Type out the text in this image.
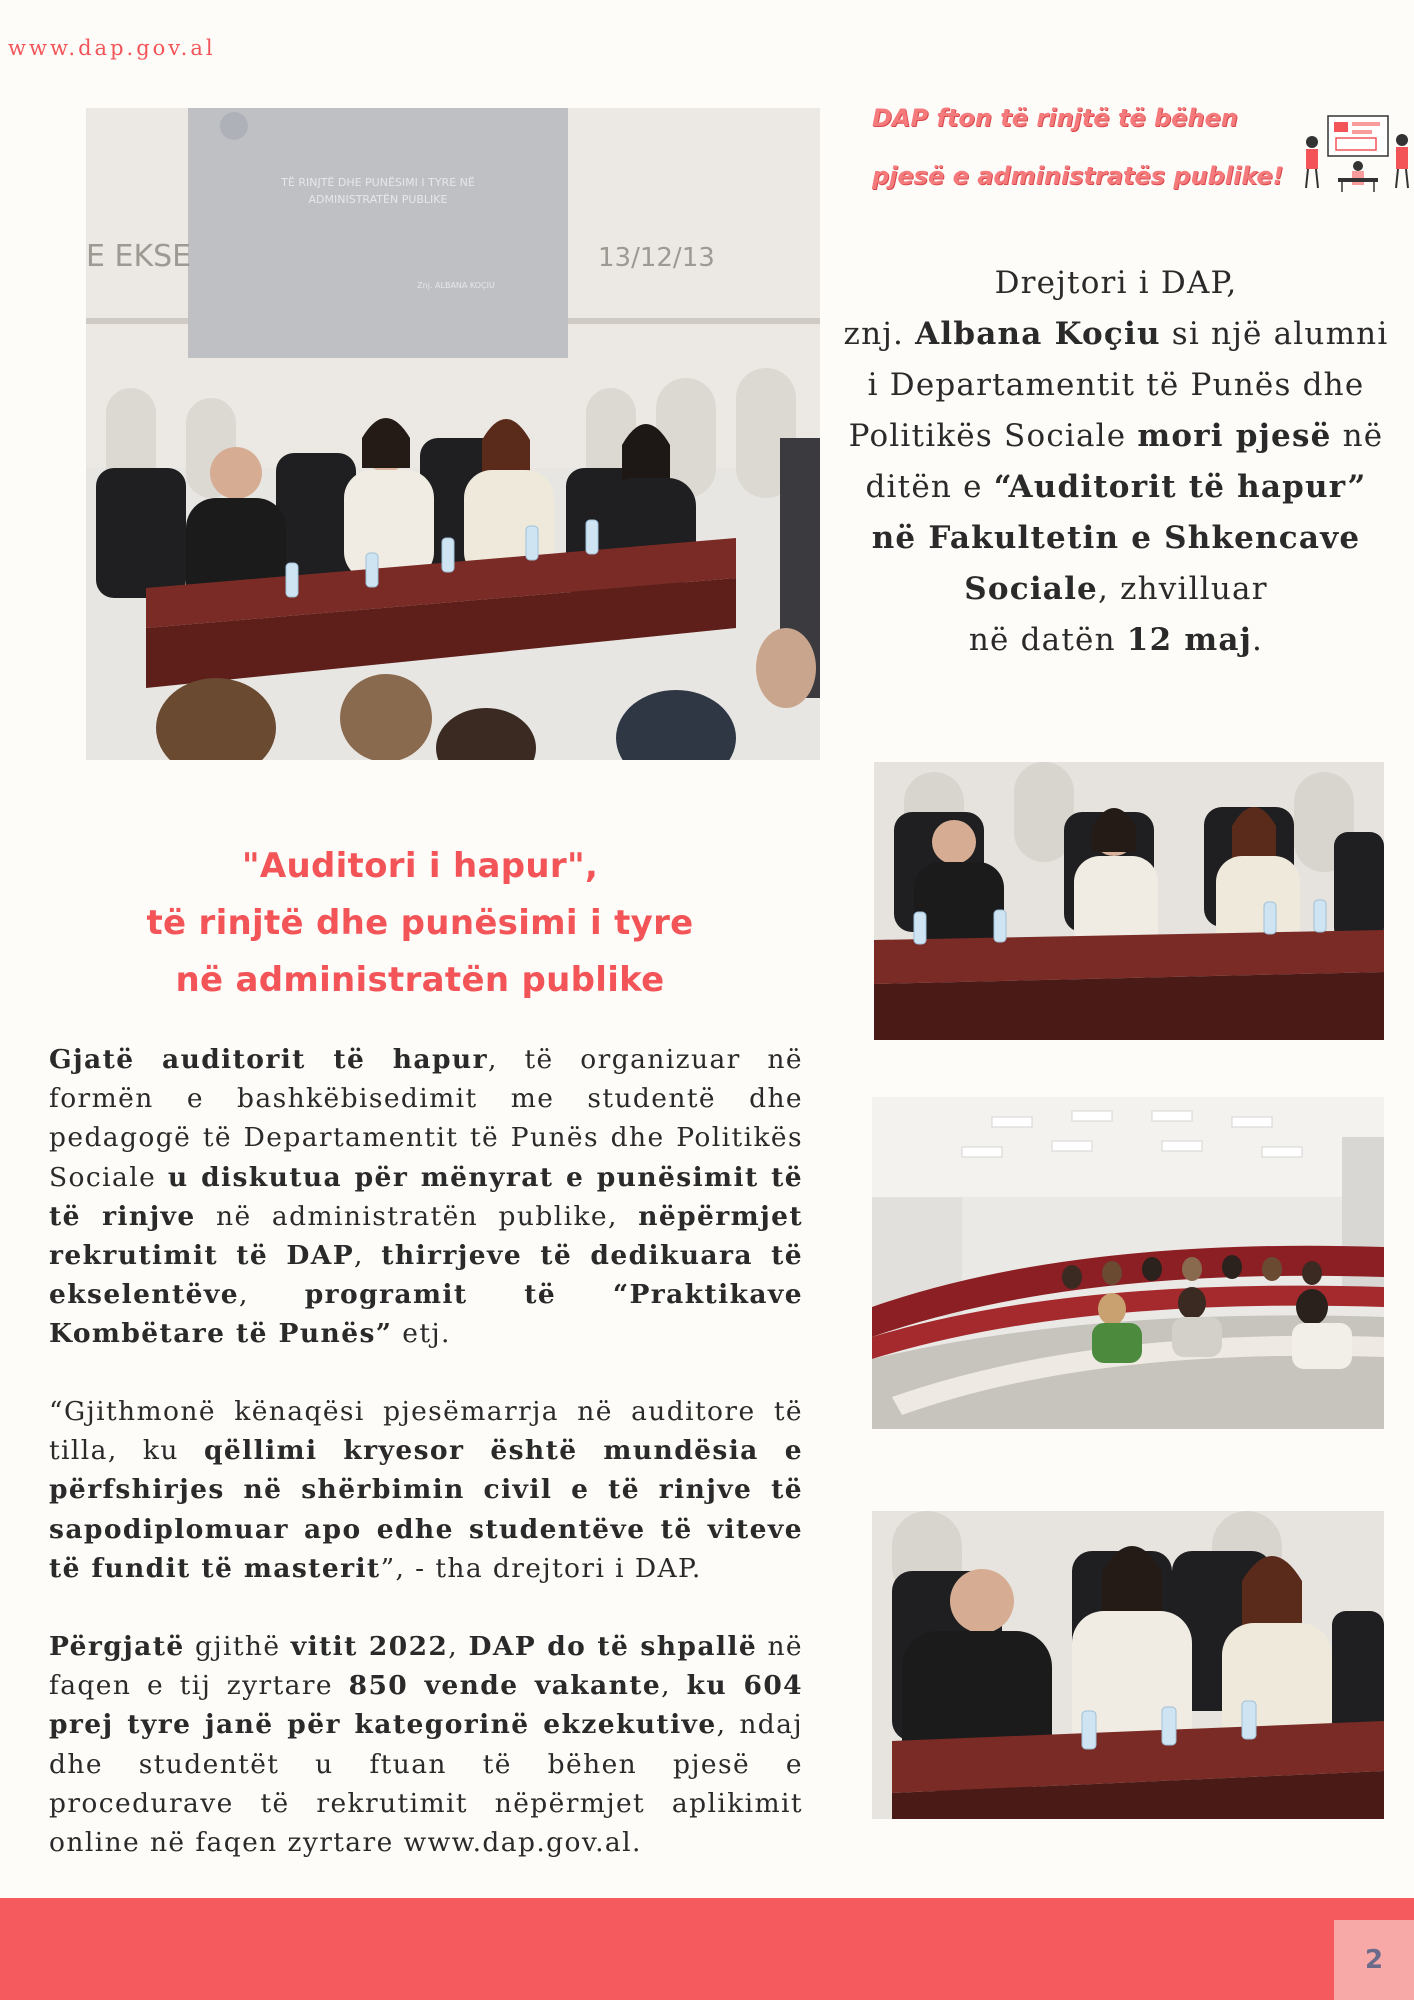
www.dap.gov.al
TË RINJTË DHE PUNËSIMI I TYRE NË
ADMINISTRATËN PUBLIKE
Znj. ALBANA KOÇIU
E EKSE	13/12/13
DAP fton të rinjtë të bëhen
pjesë e administratës publike!
Drejtori i DAP,
znj. Albana Koçiu si një alumni
i Departamentit të Punës dhe
Politikës Sociale mori pjesë në
ditën e “Auditorit të hapur”
në Fakultetin e Shkencave
Sociale, zhvilluar
në datën 12 maj.
"Auditori i hapur",
të rinjtë dhe punësimi i tyre
në administratën publike
Gjatë auditorit të hapur, të organizuar në formën e bashkëbisedimit me studentë dhe pedagogë të Departamentit të Punës dhe Politikës Sociale u diskutua për mënyrat e punësimit të të rinjve në administratën publike, nëpërmjet rekrutimit të DAP, thirrjeve të dedikuara të ekselentëve, programit të “Praktikave Kombëtare të Punës” etj.
“Gjithmonë kënaqësi pjesëmarrja në auditore të tilla, ku qëllimi kryesor është mundësia e përfshirjes në shërbimin civil e të rinjve të sapodiplomuar apo edhe studentëve të viteve të fundit të masterit”, - tha drejtori i DAP.
Përgjatë gjithë vitit 2022, DAP do të shpallë në faqen e tij zyrtare 850 vende vakante, ku 604 prej tyre janë për kategorinë ekzekutive, ndaj dhe studentët u ftuan të bëhen pjesë e procedurave të rekrutimit nëpërmjet aplikimit online në faqen zyrtare www.dap.gov.al.
2
